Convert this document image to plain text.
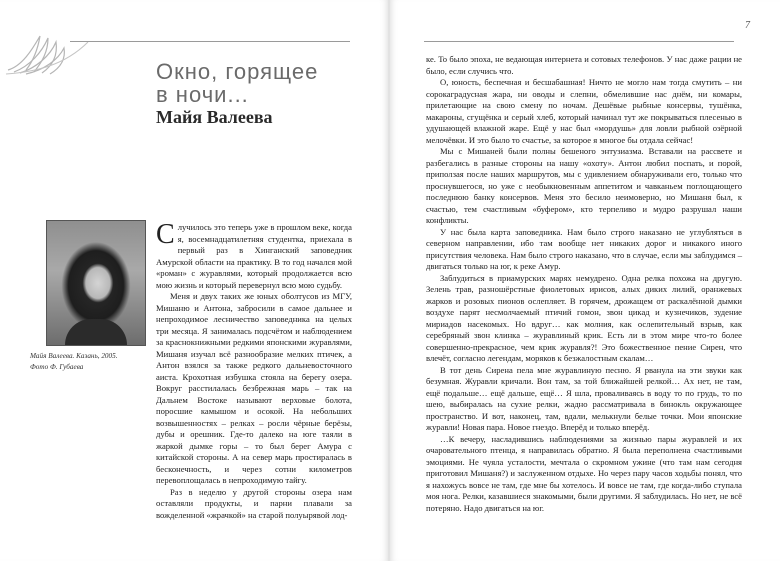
Окно, горящее
в ночи...
Майя Валеева
Майя Валеева. Казань, 2005.
Фото Ф. Губаева

Случилось это теперь уже в прошлом веке, когда я, восемнадцатилетняя студентка, приехала в первый раз в Хинганский заповедник Амурской области на практику. В то год начался мой «роман» с журавлями, который продолжается всю мою жизнь и который перевернул всю мою судьбу.

Меня и двух таких же юных оболтусов из МГУ, Мишаню и Антона, забросили в самое дальнее и непроходимое лесничество заповедника на целых три месяца. Я занималась подсчётом и наблюдением за краснокнижными редкими японскими журавлями, Мишаня изучал всё разнообразие мелких птичек, а Антон взялся за также редкого дальневосточного аиста. Крохотная избушка стояла на берегу озера. Вокруг расстилалась безбрежная марь – так на Дальнем Востоке называют верховые болота, поросшие камышом и осокой. На небольших возвышенностях – релках – росли чёрные берёзы, дубы и орешник. Где-то далеко на юге таяли в жаркой дымке горы – то был берег Амура с китайской стороны. А на север марь простиралась в бесконечность, и через сотни километров перевоплощалась в непроходимую тайгу.

Раз в неделю у другой стороны озера нам оставляли продукты, и парни плавали за вожделенной «жрачкой» на старой полуырявой лод-

7

ке. То было эпоха, не ведающая интернета и сотовых телефонов. У нас даже рации не было, если случись что.

О, юность, беспечная и бесшабашная! Ничто не могло нам тогда смутить – ни сорокаградусная жара, ни оводы и слепни, обмелившие нас днём, ни комары, прилетающие на свою смену по ночам. Дешёвые рыбные консервы, тушёнка, макароны, сгущёнка и серый хлеб, который начинал тут же покрываться плесенью в удушающей влажной жаре. Ещё у нас был «мордушь» для ловли рыбной озёрной мелочёвки. И это было то счастье, за которое я многое бы отдала сейчас!

Мы с Мишаней были полны бешеного энтузиазма. Вставали на рассвете и разбегались в разные стороны на нашу «охоту». Антон любил поспать, и порой, приползая после наших маршрутов, мы с удивлением обнаруживали его, только что проснувшегося, но уже с необыкновенным аппетитом и чавканьем поглощающего последнюю банку консервов. Меня это бесило неимоверно, но Мишаня был, к счастью, тем счастливым «буфером», кто терпеливо и мудро разрушал наши конфликты.

У нас была карта заповедника. Нам было строго наказано не углубляться в северном направлении, ибо там вообще нет никаких дорог и никакого иного присутствия человека. Нам было строго наказано, что в случае, если мы заблудимся – двигаться только на юг, к реке Амур.

Заблудиться в приамурских марях немудрено. Одна релка похожа на другую. Зелень трав, разношёрстные фиолетовых ирисов, алых диких лилий, оранжевых жарков и розовых пионов ослепляет. В горячем, дрожащем от раскалённой дымки воздухе парят несмолчаемый птичий гомон, звон цикад и кузнечиков, зудение мириадов насекомых. Но вдруг… как молния, как ослепительный взрыв, как серебряный звон клинка – журавлиный крик. Есть ли в этом мире что-то более совершенно-прекрасное, чем крик журавля?! Это божественное пение Сирен, что влечёт, согласно легендам, моряков к безжалостным скалам…

В тот день Сирена пела мне журавлиную песню. Я рванула на эти звуки как безумная. Журавли кричали. Вон там, за той ближайшей релкой… Ах нет, не там, ещё подальше… ещё дальше, ещё… Я шла, проваливаясь в воду то по грудь, то по шею, выбиралась на сухие релки, жадно рассматривала в бинокль окружающее пространство. И вот, наконец, там, вдали, мелькнули белые точки. Мои японские журавли! Новая пара. Новое гнездо. Вперёд и только вперёд.

…К вечеру, насладившись наблюдениями за жизнью пары журавлей и их очаровательного птенца, я направилась обратно. Я была переполнена счастливыми эмоциями. Не чуяла усталости, мечтала о скромном ужине (что там нам сегодня приготовил Мишаня?) и заслуженном отдыхе. Но через пару часов ходьбы понял, что я нахожусь вовсе не там, где мне бы хотелось. И вовсе не там, где когда-либо ступала моя нога. Релки, казавшиеся знакомыми, были другими. Я заблудилась. Но нет, не всё потеряно. Надо двигаться на юг.
